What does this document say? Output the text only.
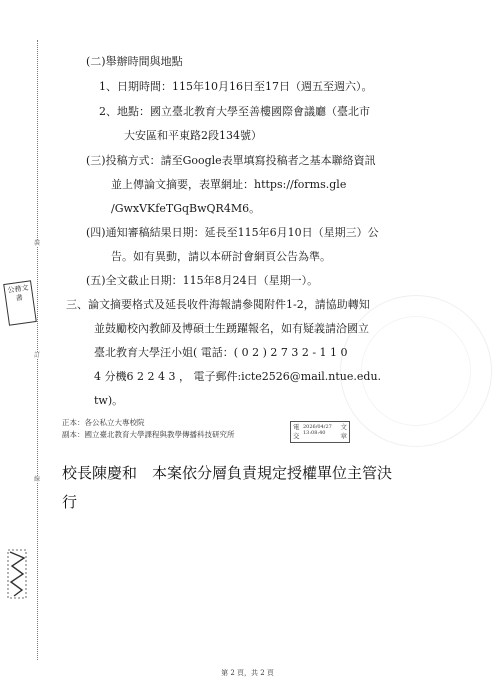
裝
訂
線
公務文書
(二)舉辦時間與地點
1、日期時間：115年10月16日至17日（週五至週六）。
2、地點：國立臺北教育大學至善樓國際會議廳（臺北市
大安區和平東路2段134號）
(三)投稿方式：請至Google表單填寫投稿者之基本聯絡資訊
並上傳論文摘要，表單網址：https://forms.gle
/GwxVKfeTGqBwQR4M6。
(四)通知審稿結果日期：延長至115年6月10日（星期三）公
告。如有異動，請以本研討會網頁公告為準。
(五)全文截止日期：115年8月24日（星期一）。
三、論文摘要格式及延長收件海報請參閱附件1-2，請協助轉知
並鼓勵校內教師及博碩士生踴躍報名，如有疑義請洽國立
臺北教育大學汪小姐( 電話：( 0 2 ) 2 7 3 2 - 1 1 0
4 分機6 2 2 4 3 ， 電子郵件:icte2526@mail.ntue.edu.
tw)。
正本：各公私立大專校院
副本：國立臺北教育大學課程與教學傳播科技研究所
電	文
交	章
2026/04/27
13:08:40
校長陳慶和　本案依分層負責規定授權單位主管決
行
第 2 頁，共 2 頁
